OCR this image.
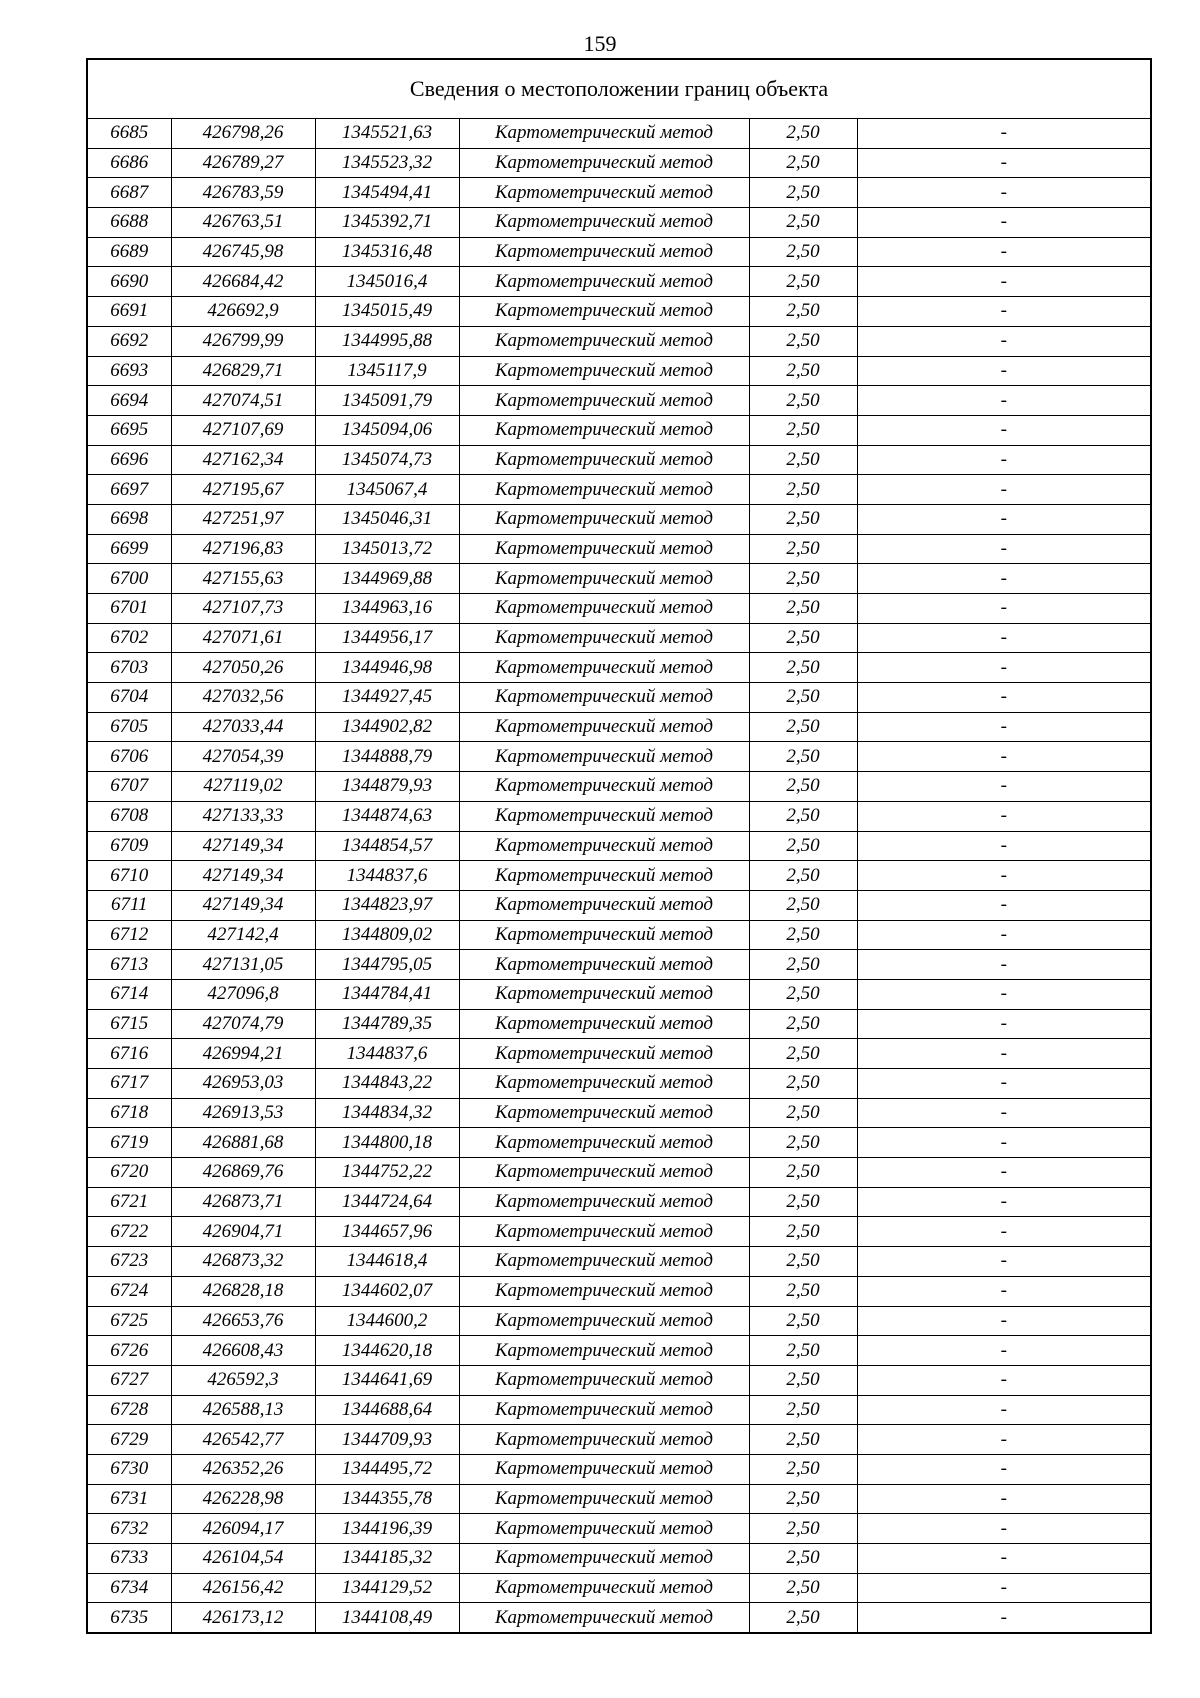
159
Сведения о местоположении границ объекта					
6685	426798,26	1345521,63	Картометрический метод	2,50	-
6686	426789,27	1345523,32	Картометрический метод	2,50	-
6687	426783,59	1345494,41	Картометрический метод	2,50	-
6688	426763,51	1345392,71	Картометрический метод	2,50	-
6689	426745,98	1345316,48	Картометрический метод	2,50	-
6690	426684,42	1345016,4	Картометрический метод	2,50	-
6691	426692,9	1345015,49	Картометрический метод	2,50	-
6692	426799,99	1344995,88	Картометрический метод	2,50	-
6693	426829,71	1345117,9	Картометрический метод	2,50	-
6694	427074,51	1345091,79	Картометрический метод	2,50	-
6695	427107,69	1345094,06	Картометрический метод	2,50	-
6696	427162,34	1345074,73	Картометрический метод	2,50	-
6697	427195,67	1345067,4	Картометрический метод	2,50	-
6698	427251,97	1345046,31	Картометрический метод	2,50	-
6699	427196,83	1345013,72	Картометрический метод	2,50	-
6700	427155,63	1344969,88	Картометрический метод	2,50	-
6701	427107,73	1344963,16	Картометрический метод	2,50	-
6702	427071,61	1344956,17	Картометрический метод	2,50	-
6703	427050,26	1344946,98	Картометрический метод	2,50	-
6704	427032,56	1344927,45	Картометрический метод	2,50	-
6705	427033,44	1344902,82	Картометрический метод	2,50	-
6706	427054,39	1344888,79	Картометрический метод	2,50	-
6707	427119,02	1344879,93	Картометрический метод	2,50	-
6708	427133,33	1344874,63	Картометрический метод	2,50	-
6709	427149,34	1344854,57	Картометрический метод	2,50	-
6710	427149,34	1344837,6	Картометрический метод	2,50	-
6711	427149,34	1344823,97	Картометрический метод	2,50	-
6712	427142,4	1344809,02	Картометрический метод	2,50	-
6713	427131,05	1344795,05	Картометрический метод	2,50	-
6714	427096,8	1344784,41	Картометрический метод	2,50	-
6715	427074,79	1344789,35	Картометрический метод	2,50	-
6716	426994,21	1344837,6	Картометрический метод	2,50	-
6717	426953,03	1344843,22	Картометрический метод	2,50	-
6718	426913,53	1344834,32	Картометрический метод	2,50	-
6719	426881,68	1344800,18	Картометрический метод	2,50	-
6720	426869,76	1344752,22	Картометрический метод	2,50	-
6721	426873,71	1344724,64	Картометрический метод	2,50	-
6722	426904,71	1344657,96	Картометрический метод	2,50	-
6723	426873,32	1344618,4	Картометрический метод	2,50	-
6724	426828,18	1344602,07	Картометрический метод	2,50	-
6725	426653,76	1344600,2	Картометрический метод	2,50	-
6726	426608,43	1344620,18	Картометрический метод	2,50	-
6727	426592,3	1344641,69	Картометрический метод	2,50	-
6728	426588,13	1344688,64	Картометрический метод	2,50	-
6729	426542,77	1344709,93	Картометрический метод	2,50	-
6730	426352,26	1344495,72	Картометрический метод	2,50	-
6731	426228,98	1344355,78	Картометрический метод	2,50	-
6732	426094,17	1344196,39	Картометрический метод	2,50	-
6733	426104,54	1344185,32	Картометрический метод	2,50	-
6734	426156,42	1344129,52	Картометрический метод	2,50	-
6735	426173,12	1344108,49	Картометрический метод	2,50	-
